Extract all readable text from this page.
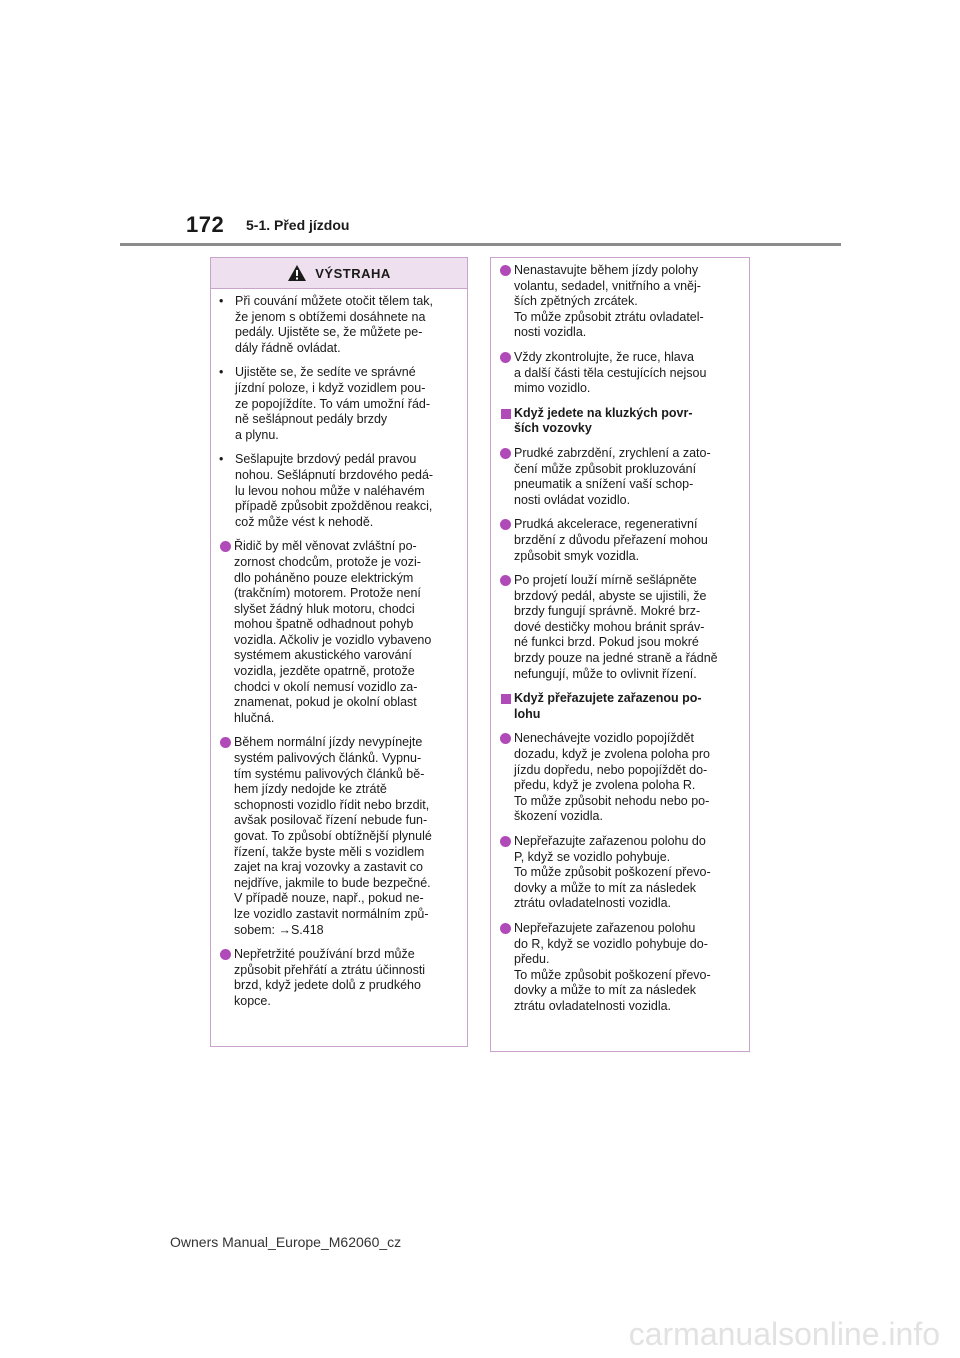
172 5-1. Před jízdou
VÝSTRAHA
• Při couvání můžete otočit tělem tak,
že jenom s obtížemi dosáhnete na
pedály. Ujistěte se, že můžete pe-
dály řádně ovládat.
• Ujistěte se, že sedíte ve správné
jízdní poloze, i když vozidlem pou-
ze popojíždíte. To vám umožní řád-
ně sešlápnout pedály brzdy
a plynu.
• Sešlapujte brzdový pedál pravou
nohou. Sešlápnutí brzdového pedá-
lu levou nohou může v naléhavém
případě způsobit zpožděnou reakci,
což může vést k nehodě.
Řidič by měl věnovat zvláštní po-
zornost chodcům, protože je vozi-
dlo poháněno pouze elektrickým
(trakčním) motorem. Protože není
slyšet žádný hluk motoru, chodci
mohou špatně odhadnout pohyb
vozidla. Ačkoliv je vozidlo vybaveno
systémem akustického varování
vozidla, jezděte opatrně, protože
chodci v okolí nemusí vozidlo za-
znamenat, pokud je okolní oblast
hlučná.
Během normální jízdy nevypínejte
systém palivových článků. Vypnu-
tím systému palivových článků bě-
hem jízdy nedojde ke ztrátě
schopnosti vozidlo řídit nebo brzdit,
avšak posilovač řízení nebude fun-
govat. To způsobí obtížnější plynulé
řízení, takže byste měli s vozidlem
zajet na kraj vozovky a zastavit co
nejdříve, jakmile to bude bezpečné.
V případě nouze, např., pokud ne-
lze vozidlo zastavit normálním způ-
sobem: →S.418
Nepřetržité používání brzd může
způsobit přehřátí a ztrátu účinnosti
brzd, když jedete dolů z prudkého
kopce.
Nenastavujte během jízdy polohy
volantu, sedadel, vnitřního a vněj-
ších zpětných zrcátek.
To může způsobit ztrátu ovladatel-
nosti vozidla.
Vždy zkontrolujte, že ruce, hlava
a další části těla cestujících nejsou
mimo vozidlo.
Když jedete na kluzkých povr-
ších vozovky
Prudké zabrzdění, zrychlení a zato-
čení může způsobit prokluzování
pneumatik a snížení vaší schop-
nosti ovládat vozidlo.
Prudká akcelerace, regenerativní
brzdění z důvodu přeřazení mohou
způsobit smyk vozidla.
Po projetí louží mírně sešlápněte
brzdový pedál, abyste se ujistili, že
brzdy fungují správně. Mokré brz-
dové destičky mohou bránit správ-
né funkci brzd. Pokud jsou mokré
brzdy pouze na jedné straně a řádně
nefungují, může to ovlivnit řízení.
Když přeřazujete zařazenou po-
lohu
Nenechávejte vozidlo popojíždět
dozadu, když je zvolena poloha pro
jízdu dopředu, nebo popojíždět do-
předu, když je zvolena poloha R.
To může způsobit nehodu nebo po-
škození vozidla.
Nepřeřazujte zařazenou polohu do
P, když se vozidlo pohybuje.
To může způsobit poškození převo-
dovky a může to mít za následek
ztrátu ovladatelnosti vozidla.
Nepřeřazujete zařazenou polohu
do R, když se vozidlo pohybuje do-
předu.
To může způsobit poškození převo-
dovky a může to mít za následek
ztrátu ovladatelnosti vozidla.
Owners Manual_Europe_M62060_cz
carmanualsonline.info
